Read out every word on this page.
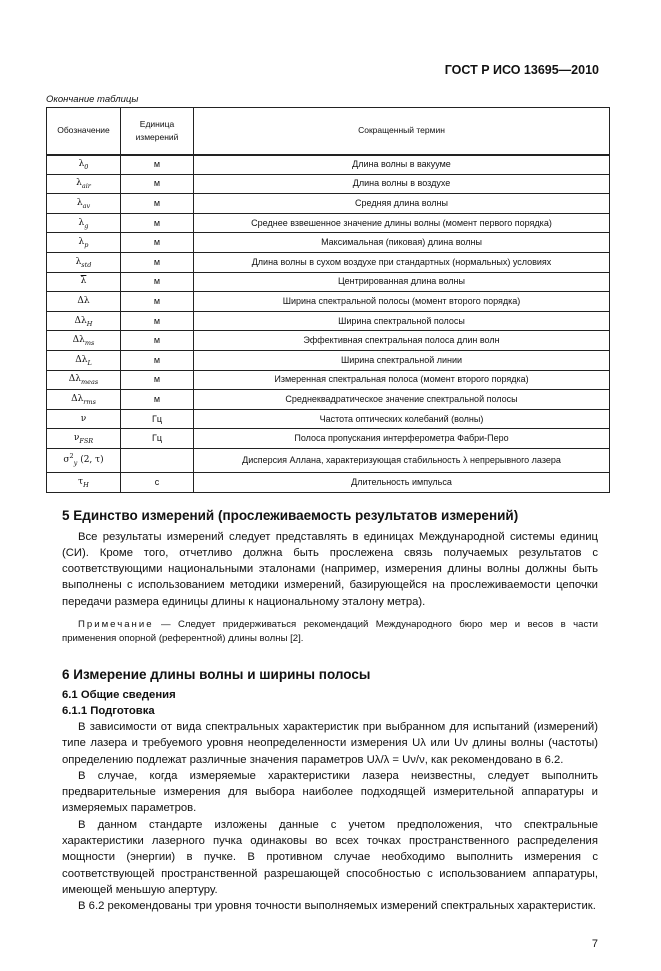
ГОСТ Р ИСО 13695—2010
Окончание таблицы
Обозначение	Единица измерений	Сокращенный термин
$\lambda_0$	м	Длина волны в вакууме
$\lambda_{air}$	м	Длина волны в воздухе
$\lambda_{av}$	м	Средняя длина волны
$\lambda_g$	м	Среднее взвешенное значение длины волны (момент первого порядка)
$\lambda_p$	м	Максимальная (пиковая) длина волны
$\lambda_{std}$	м	Длина волны в сухом воздухе при стандартных (нормальных) условиях
$\overline{\lambda}$	м	Центрированная длина волны
Δλ	м	Ширина спектральной полосы (момент второго порядка)
$\Delta\lambda_H$	м	Ширина спектральной полосы
$\Delta\lambda_{ms}$	м	Эффективная спектральная полоса длин волн
$\Delta\lambda_L$	м	Ширина спектральной линии
$\Delta\lambda_{meas}$	м	Измеренная спектральная полоса (момент второго порядка)
$\Delta\lambda_{rms}$	м	Среднеквадратическое значение спектральной полосы
ν	Гц	Частота оптических колебаний (волны)
$\nu_{FSR}$	Гц	Полоса пропускания интерферометра Фабри-Перо
$\sigma^2_y$ (2, τ)		Дисперсия Аллана, характеризующая стабильность λ непрерывного лазера
$\tau_H$	с	Длительность импульса
5 Единство измерений (прослеживаемость результатов измерений)

Все результаты измерений следует представлять в единицах Международной системы единиц (СИ). Кроме того, отчетливо должна быть прослежена связь получаемых результатов с соответствующими национальными эталонами (например, измерения длины волны должны быть выполнены с использованием методики измерений, базирующейся на прослеживаемости цепочки передачи размера единицы длины к национальному эталону метра).

Примечание — Следует придерживаться рекомендаций Международного бюро мер и весов в части применения опорной (референтной) длины волны [2].
6 Измерение длины волны и ширины полосы
6.1 Общие сведения
6.1.1 Подготовка

В зависимости от вида спектральных характеристик при выбранном для испытаний (измерений) типе лазера и требуемого уровня неопределенности измерения Uλ или Uν длины волны (частоты) определению подлежат различные значения параметров Uλ/λ = Uν/ν, как рекомендовано в 6.2.

В случае, когда измеряемые характеристики лазера неизвестны, следует выполнить предварительные измерения для выбора наиболее подходящей измерительной аппаратуры и измеряемых параметров.

В данном стандарте изложены данные с учетом предположения, что спектральные характеристики лазерного пучка одинаковы во всех точках пространственного распределения мощности (энергии) в пучке. В противном случае необходимо выполнить измерения с соответствующей пространственной разрешающей способностью с использованием аппаратуры, имеющей меньшую апертуру.

В 6.2 рекомендованы три уровня точности выполняемых измерений спектральных характеристик.

7
